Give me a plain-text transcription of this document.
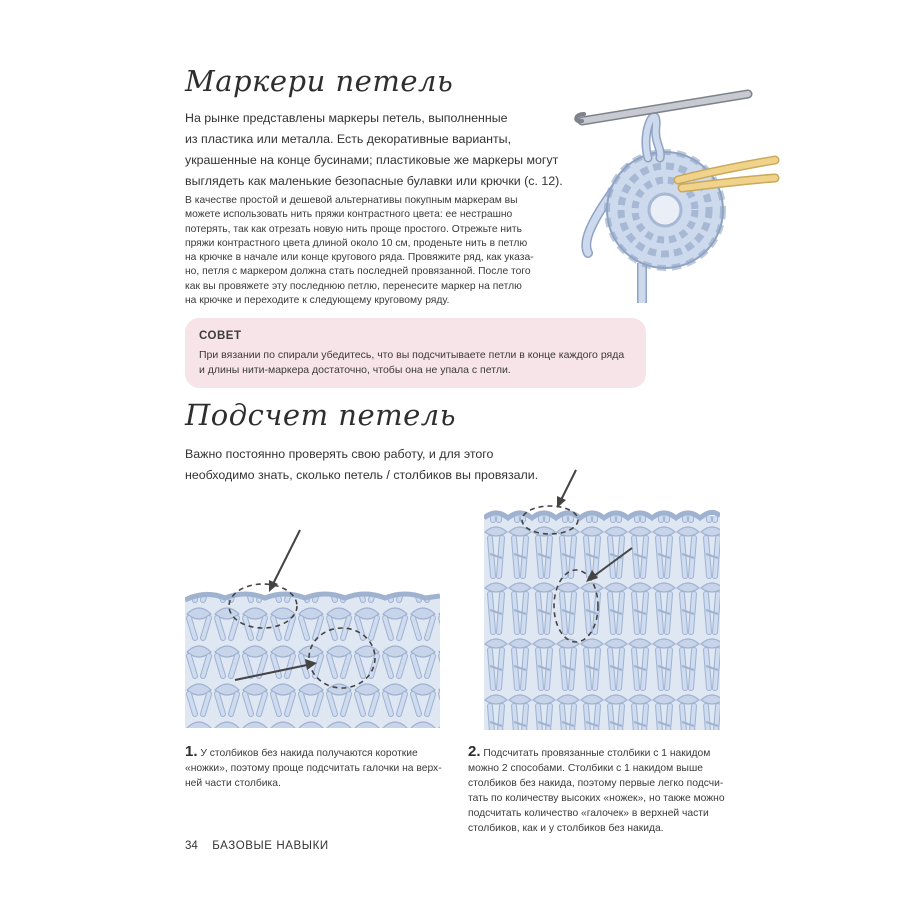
Маркери петель

На рынке представлены маркеры петель, выполненные

из пластика или металла. Есть декоративные варианты,

украшенные на конце бусинами; пластиковые же маркеры могут

выглядеть как маленькие безопасные булавки или крючки (с. 12).

В качестве простой и дешевой альтернативы покупным маркерам вы

можете использовать нить пряжи контрастного цвета: ее нестрашно

потерять, так как отрезать новую нить проще простого. Отрежьте нить

пряжи контрастного цвета длиной около 10 см, проденьте нить в петлю

на крючке в начале или конце кругового ряда. Провяжите ряд, как указа-

но, петля с маркером должна стать последней провязанной. После того

как вы провяжете эту последнюю петлю, перенесите маркер на петлю

на крючке и переходите к следующему круговому ряду.

СОВЕТ

При вязании по спирали убедитесь, что вы подсчитываете петли в конце каждого ряда
и длины нити-маркера достаточно, чтобы она не упала с петли.
Подсчет петель

Важно постоянно проверять свою работу, и для этого

необходимо знать, сколько петель / столбиков вы провязали.

1. У столбиков без накида получаются короткие

«ножки», поэтому проще подсчитать галочки на верх-

ней части столбика.

2. Подсчитать провязанные столбики с 1 накидом

можно 2 способами. Столбики с 1 накидом выше

столбиков без накида, поэтому первые легко подсчи-

тать по количеству высоких «ножек», но также можно

подсчитать количество «галочек» в верхней части

столбиков, как и у столбиков без накида.

34 БАЗОВЫЕ НАВЫКИ
